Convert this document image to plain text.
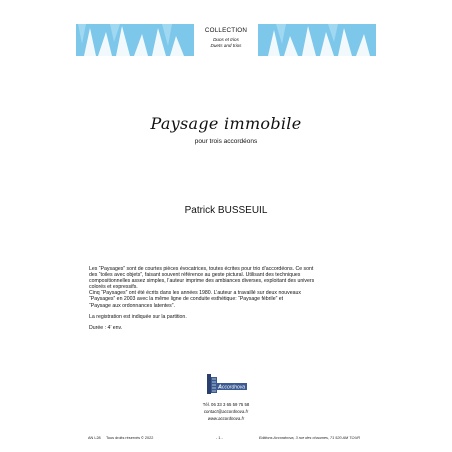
COLLECTION
Duos et trios
Duets and trios
Paysage immobile
pour trois accordéons
Patrick BUSSEUIL

Les “Paysages” sont de courtes pièces évocatrices, toutes écrites pour trio d’accordéons. Ce sont

des “toiles avec objets”, faisant souvent référence au geste pictural. Utilisant des techniques

compositionnelles assez simples, l’auteur imprime des ambiances diverses, exploitant des univers

colorés et expressifs.

Cinq “Paysages” ont été écrits dans les années 1980. L’auteur a travaillé sur deux nouveaux

“Paysages” en 2003 avec la même ligne de conduite esthétique: “Paysage fébrile” et

“Paysage aux ordonnances latentes”.

La registration est indiquée sur la partition.

Durée : 4’ env.

A ccordnova
Tél. 06 33 3 65 59 75 58
contact@accordnova.fr
www.accordnova.fr
AN L28 Tous droits réservés © 2022	- 1 -	Editions Accordnova, 3 rue des chaumes, 71 520 AM TOUR
